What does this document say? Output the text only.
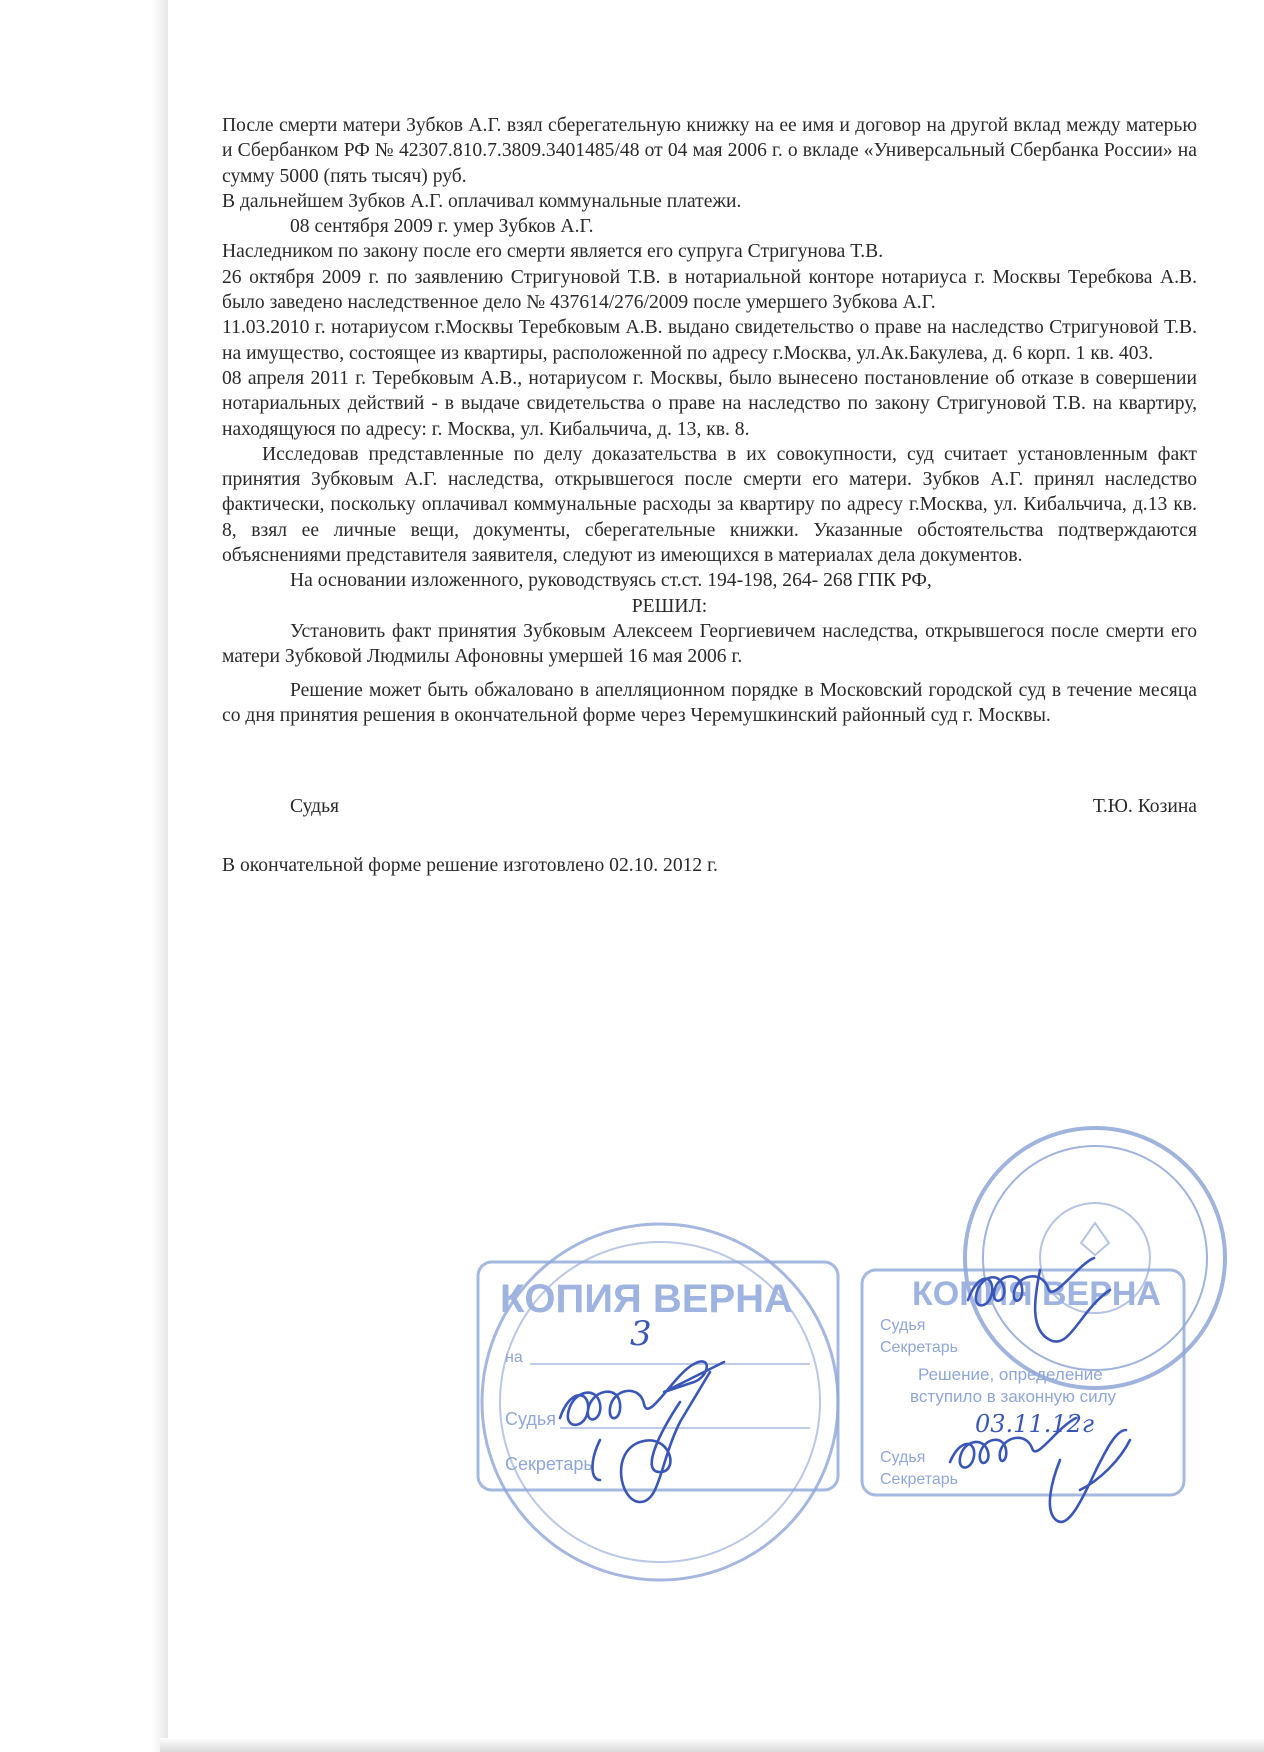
После смерти матери Зубков А.Г. взял сберегательную книжку на ее имя и договор на другой вклад между матерью и Сбербанком РФ № 42307.810.7.3809.3401485/48 от 04 мая 2006 г. о вкладе «Универсальный Сбербанка России» на сумму 5000 (пять тысяч) руб.

В дальнейшем Зубков А.Г. оплачивал коммунальные платежи.

08 сентября 2009 г. умер Зубков А.Г.

Наследником по закону после его смерти является его супруга Стригунова Т.В.

26 октября 2009 г. по заявлению Стригуновой Т.В. в нотариальной конторе нотариуса г. Москвы Теребкова А.В. было заведено наследственное дело № 437614/276/2009 после умершего Зубкова А.Г.

11.03.2010 г. нотариусом г.Москвы Теребковым А.В. выдано свидетельство о праве на наследство Стригуновой Т.В. на имущество, состоящее из квартиры, расположенной по адресу г.Москва, ул.Ак.Бакулева, д. 6 корп. 1 кв. 403.

08 апреля 2011 г. Теребковым А.В., нотариусом г. Москвы, было вынесено постановление об отказе в совершении нотариальных действий - в выдаче свидетельства о праве на наследство по закону Стригуновой Т.В. на квартиру, находящуюся по адресу: г. Москва, ул. Кибальчича, д. 13, кв. 8.

Исследовав представленные по делу доказательства в их совокупности, суд считает установленным факт принятия Зубковым А.Г. наследства, открывшегося после смерти его матери. Зубков А.Г. принял наследство фактически, поскольку оплачивал коммунальные расходы за квартиру по адресу г.Москва, ул. Кибальчича, д.13 кв. 8, взял ее личные вещи, документы, сберегательные книжки. Указанные обстоятельства подтверждаются объяснениями представителя заявителя, следуют из имеющихся в материалах дела документов.

На основании изложенного, руководствуясь ст.ст. 194-198, 264- 268 ГПК РФ,

РЕШИЛ:

Установить факт принятия Зубковым Алексеем Георгиевичем наследства, открывшегося после смерти его матери Зубковой Людмилы Афоновны умершей 16 мая 2006 г.

Решение может быть обжаловано в апелляционном порядке в Московский городской суд в течение месяца со дня принятия решения в окончательной форме через Черемушкинский районный суд г. Москвы.

Судья	Т.Ю. Козина

В окончательной форме решение изготовлено 02.10. 2012 г.

КОПИЯ ВЕРНА
на
Судья
Секретарь
3
КОПИЯ ВЕРНА
Судья
Секретарь
Решение, определение
вступило в законную силу
03.11.12г
Судья
Секретарь
